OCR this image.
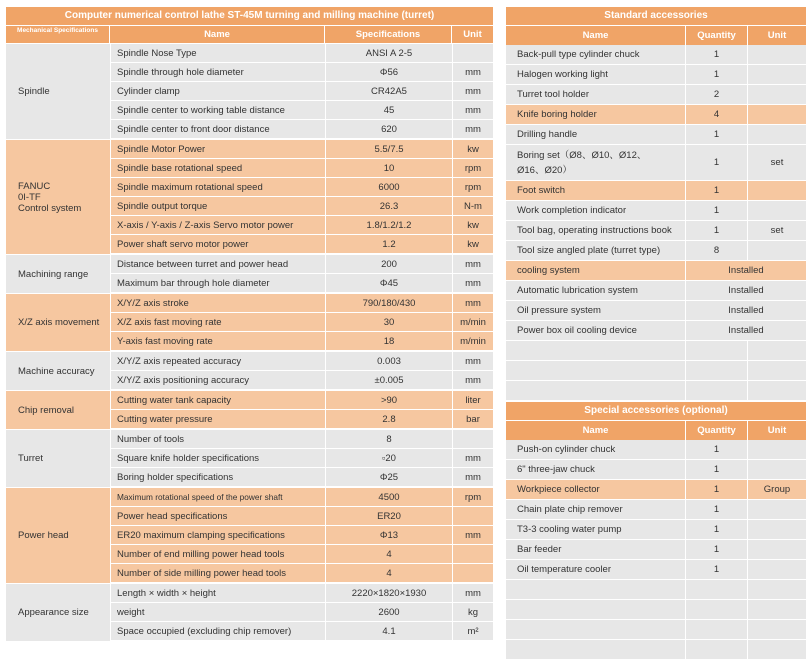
Computer numerical control lathe ST-45M turning and milling machine (turret)
Mechanical Specifications	Name	Specifications	Unit
Spindle
Spindle Nose Type	ANSI A 2-5
Spindle through hole diameter	Φ56	mm
Cylinder clamp	CR42A5	mm
Spindle center to working table distance	45	mm
Spindle center to front door distance	620	mm
FANUC
0I-TF
Control system
Spindle Motor Power	5.5/7.5	kw
Spindle base rotational speed	10	rpm
Spindle maximum rotational speed	6000	rpm
Spindle output torque	26.3	N-m
X-axis / Y-axis / Z-axis Servo motor power	1.8/1.2/1.2	kw
Power shaft servo motor power	1.2	kw
Machining range
Distance between turret and power head	200	mm
Maximum bar through hole diameter	Φ45	mm
X/Z axis movement
X/Y/Z axis stroke	790/180/430	mm
X/Z axis fast moving rate	30	m/min
Y-axis fast moving rate	18	m/min
Machine accuracy
X/Y/Z axis repeated accuracy	0.003	mm
X/Y/Z axis positioning accuracy	±0.005	mm
Chip removal
Cutting water tank capacity	>90	liter
Cutting water pressure	2.8	bar
Turret
Number of tools	8
Square knife holder specifications	▫20	mm
Boring holder specifications	Φ25	mm
Power head
Maximum rotational speed of the power shaft	4500	rpm
Power head specifications	ER20
ER20 maximum clamping specifications	Φ13	mm
Number of end milling power head tools	4
Number of side milling power head tools	4
Appearance size
Length × width × height	2220×1820×1930	mm
weight	2600	kg
Space occupied (excluding chip remover)	4.1	m²
Standard accessories
Name	Quantity	Unit
Back-pull type cylinder chuck	1
Halogen working light	1
Turret tool holder	2
Knife boring holder	4
Drilling handle	1
Boring set（Ø8、Ø10、Ø12、
Ø16、Ø20）
1	set
Foot switch	1
Work completion indicator	1
Tool bag, operating instructions book	1	set
Tool size angled plate (turret type)	8
cooling system	Installed
Automatic lubrication system	Installed
Oil pressure system	Installed
Power box oil cooling device	Installed
Special accessories (optional)
Name	Quantity	Unit
Push-on cylinder chuck	1
6" three-jaw chuck	1
Workpiece collector	1	Group
Chain plate chip remover	1
T3-3 cooling water pump	1
Bar feeder	1
Oil temperature cooler	1
